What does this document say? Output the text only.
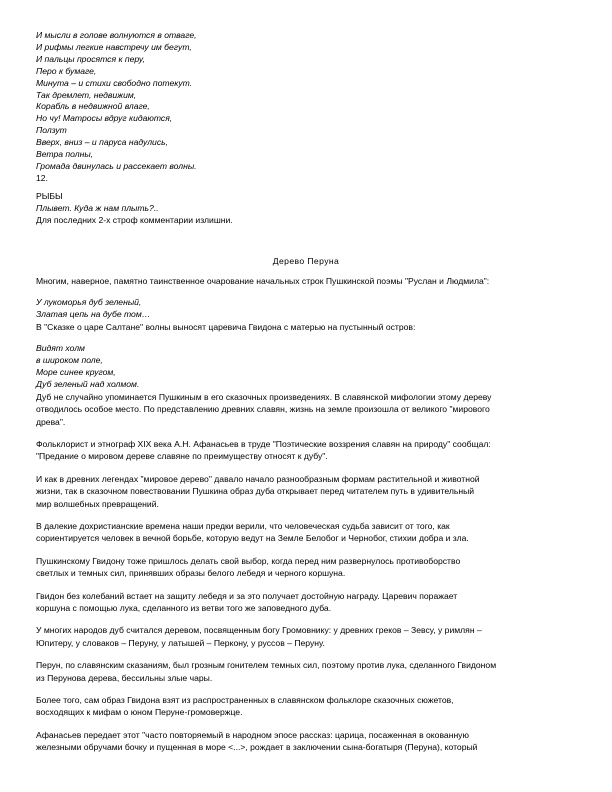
И мысли в голове волнуются в отваге,
И рифмы легкие навстречу им бегут,
И пальцы просятся к перу,
Перо к бумаге,
Минута – и стихи свободно потекут.
Так дремлет, недвижим,
Корабль в недвижной влаге,
Но чу! Матросы вдруг кидаются,
Ползут
Вверх, вниз – и паруса надулись,
Ветра полны,
Громада двинулась и рассекает волны.
12.
РЫБЫ
Плывет. Куда ж нам плыть?..
Для последних 2-х строф комментарии излишни.
Дерево Перуна
Многим, наверное, памятно таинственное очарование начальных строк Пушкинской поэмы "Руслан и Людмила":
У лукоморья дуб зеленый,
Златая цепь на дубе том…
В "Сказке о царе Салтане" волны выносят царевича Гвидона с матерью на пустынный остров:
Видят холм
в широком поле,
Море синее кругом,
Дуб зеленый над холмом.
Дуб не случайно упоминается Пушкиным в его сказочных произведениях. В славянской мифологии этому дереву
отводилось особое место. По представлению древних славян, жизнь на земле произошла от великого "мирового
древа".
Фольклорист и этнограф XIX века А.Н. Афанасьев в труде "Поэтические воззрения славян на природу" сообщал:
"Предание о мировом дереве славяне по преимуществу относят к дубу".
И как в древних легендах "мировое дерево" давало начало разнообразным формам растительной и животной
жизни, так в сказочном повествовании Пушкина образ дуба открывает перед читателем путь в удивительный
мир волшебных превращений.
В далекие дохристианские времена наши предки верили, что человеческая судьба зависит от того, как
сориентируется человек в вечной борьбе, которую ведут на Земле Белобог и Чернобог, стихии добра и зла.
Пушкинскому Гвидону тоже пришлось делать свой выбор, когда перед ним развернулось противоборство
светлых и темных сил, принявших образы белого лебедя и черного коршуна.
Гвидон без колебаний встает на защиту лебедя и за это получает достойную награду. Царевич поражает
коршуна с помощью лука, сделанного из ветви того же заповедного дуба.
У многих народов дуб считался деревом, посвященным богу Громовнику: у древних греков – Зевсу, у римлян –
Юпитеру, у словаков – Перуну, у латышей – Перкону, у руссов – Перуну.
Перун, по славянским сказаниям, был грозным гонителем темных сил, поэтому против лука, сделанного Гвидоном
из Перунова дерева, бессильны злые чары.
Более того, сам образ Гвидона взят из распространенных в славянском фольклоре сказочных сюжетов,
восходящих к мифам о юном Перуне-громовержце.
Афанасьев передает этот "часто повторяемый в народном эпосе рассказ: царица, посаженная в окованную
железными обручами бочку и пущенная в море <...>, рождает в заключении сына-богатыря (Перуна), который
